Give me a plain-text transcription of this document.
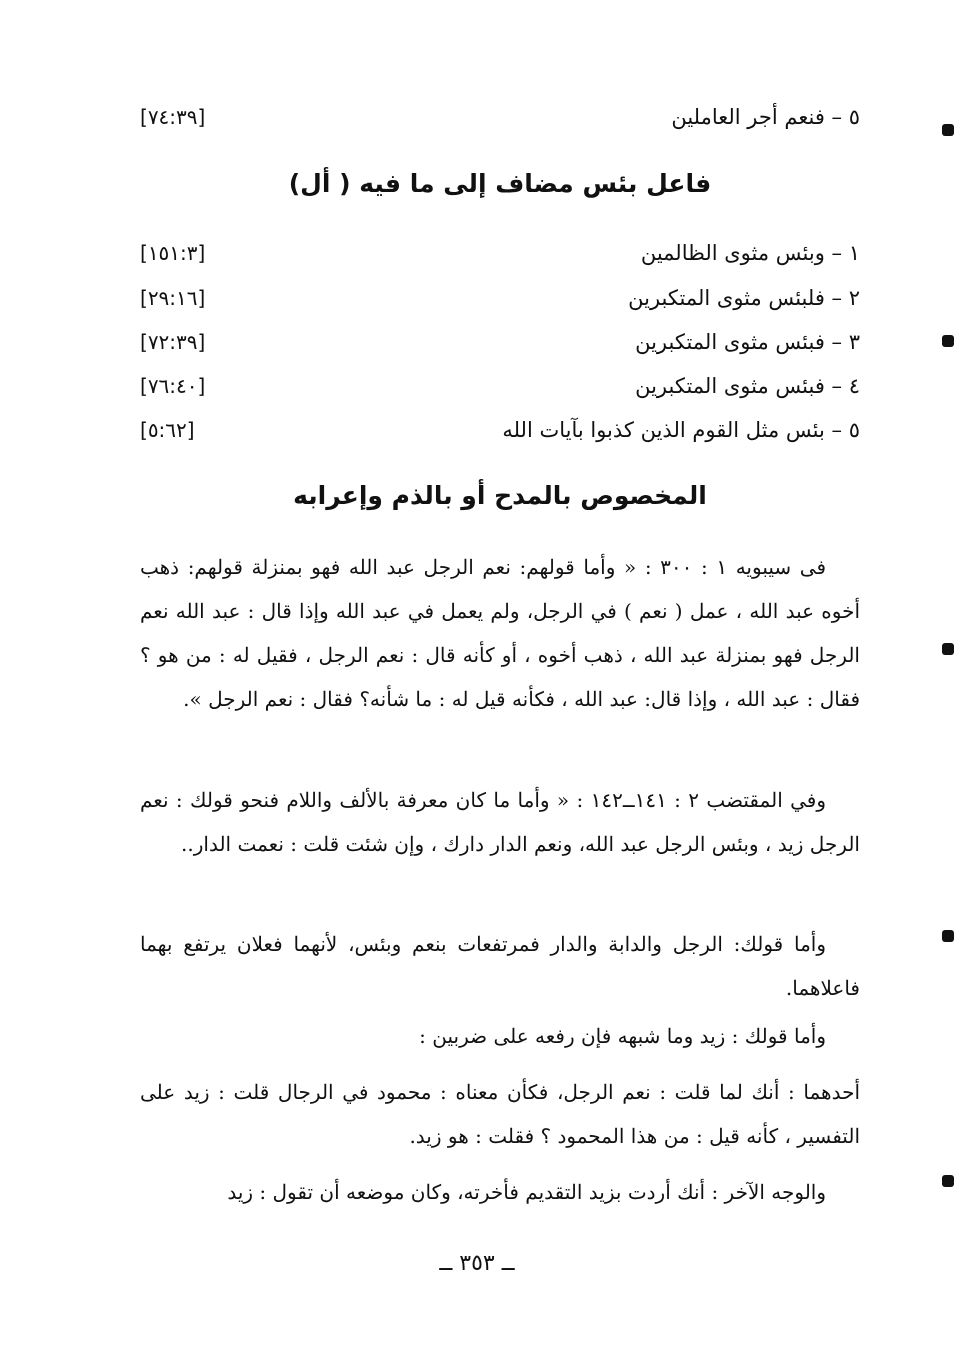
٥ – فنعم أجر العاملين
[٧٤:٣٩]
فاعل بئس مضاف إلى ما فيه ( أل)
١ – وبئس مثوى الظالمين
[١٥١:٣]
٢ – فلبئس مثوى المتكبرين
[٢٩:١٦]
٣ – فبئس مثوى المتكبرين
[٧٢:٣٩]
٤ – فبئس مثوى المتكبرين
[٧٦:٤٠]
٥ – بئس مثل القوم الذين كذبوا بآيات الله
[٥:٦٢]
المخصوص بالمدح أو بالذم وإعرابه
فى سيبويه ١ : ٣٠٠ : « وأما قولهم: نعم الرجل عبد الله فهو بمنزلة قولهم: ذهب أخوه عبد الله ، عمل ( نعم ) في الرجل، ولم يعمل في عبد الله وإذا قال : عبد الله نعم الرجل فهو بمنزلة عبد الله ، ذهب أخوه ، أو كأنه قال : نعم الرجل ، فقيل له : من هو ؟ فقال : عبد الله ، وإذا قال: عبد الله ، فكأنه قيل له : ما شأنه؟ فقال : نعم الرجل ».
وفي المقتضب ٢ : ١٤١ــ١٤٢ : « وأما ما كان معرفة بالألف واللام فنحو قولك : نعم الرجل زيد ، وبئس الرجل عبد الله، ونعم الدار دارك ، وإن شئت قلت : نعمت الدار..
وأما قولك: الرجل والدابة والدار فمرتفعات بنعم وبئس، لأنهما فعلان يرتفع بهما فاعلاهما.
وأما قولك : زيد وما شبهه فإن رفعه على ضربين :
أحدهما : أنك لما قلت : نعم الرجل، فكأن معناه : محمود في الرجال قلت : زيد على التفسير ، كأنه قيل : من هذا المحمود ؟ فقلت : هو زيد.
والوجه الآخر : أنك أردت بزيد التقديم فأخرته، وكان موضعه أن تقول : زيد
ــ ٣٥٣ ــ
